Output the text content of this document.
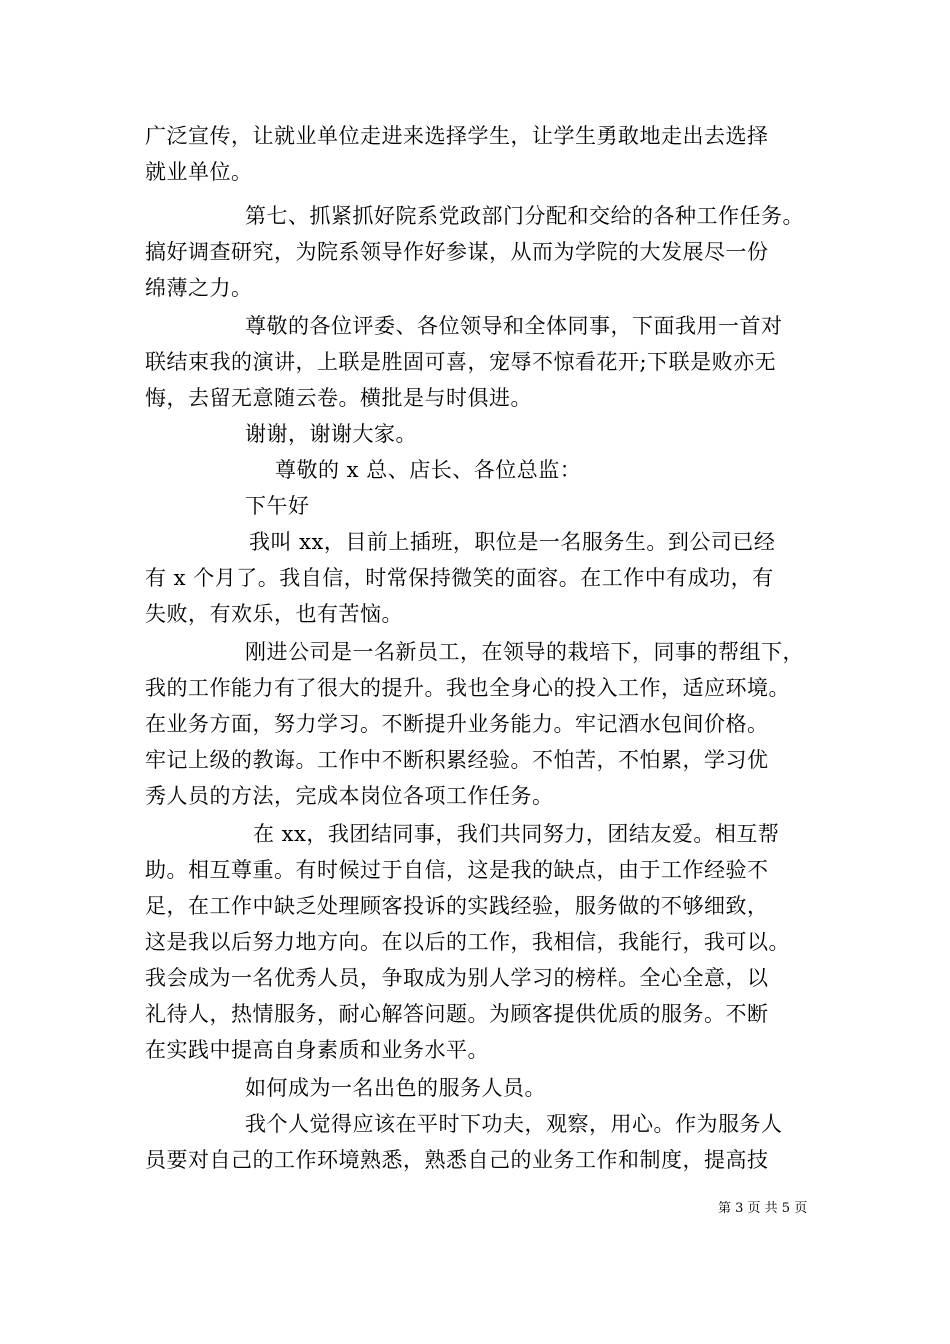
广泛宣传，让就业单位走进来选择学生，让学生勇敢地走出去选择
就业单位。
第七、抓紧抓好院系党政部门分配和交给的各种工作任务。
搞好调查研究，为院系领导作好参谋，从而为学院的大发展尽一份
绵薄之力。
尊敬的各位评委、各位领导和全体同事，下面我用一首对
联结束我的演讲，上联是胜固可喜，宠辱不惊看花开;下联是败亦无
悔，去留无意随云卷。横批是与时俱进。
谢谢，谢谢大家。
尊敬的 x 总、店长、各位总监：
下午好
我叫 xx，目前上插班，职位是一名服务生。到公司已经
有 x 个月了。我自信，时常保持微笑的面容。在工作中有成功，有
失败，有欢乐，也有苦恼。
刚进公司是一名新员工，在领导的栽培下，同事的帮组下，
我的工作能力有了很大的提升。我也全身心的投入工作，适应环境。
在业务方面，努力学习。不断提升业务能力。牢记酒水包间价格。
牢记上级的教诲。工作中不断积累经验。不怕苦，不怕累，学习优
秀人员的方法，完成本岗位各项工作任务。
在 xx，我团结同事，我们共同努力，团结友爱。相互帮
助。相互尊重。有时候过于自信，这是我的缺点，由于工作经验不
足，在工作中缺乏处理顾客投诉的实践经验，服务做的不够细致，
这是我以后努力地方向。在以后的工作，我相信，我能行，我可以。
我会成为一名优秀人员，争取成为别人学习的榜样。全心全意，以
礼待人，热情服务，耐心解答问题。为顾客提供优质的服务。不断
在实践中提高自身素质和业务水平。
如何成为一名出色的服务人员。
我个人觉得应该在平时下功夫，观察，用心。作为服务人
员要对自己的工作环境熟悉，熟悉自己的业务工作和制度，提高技
第 3 页 共 5 页
